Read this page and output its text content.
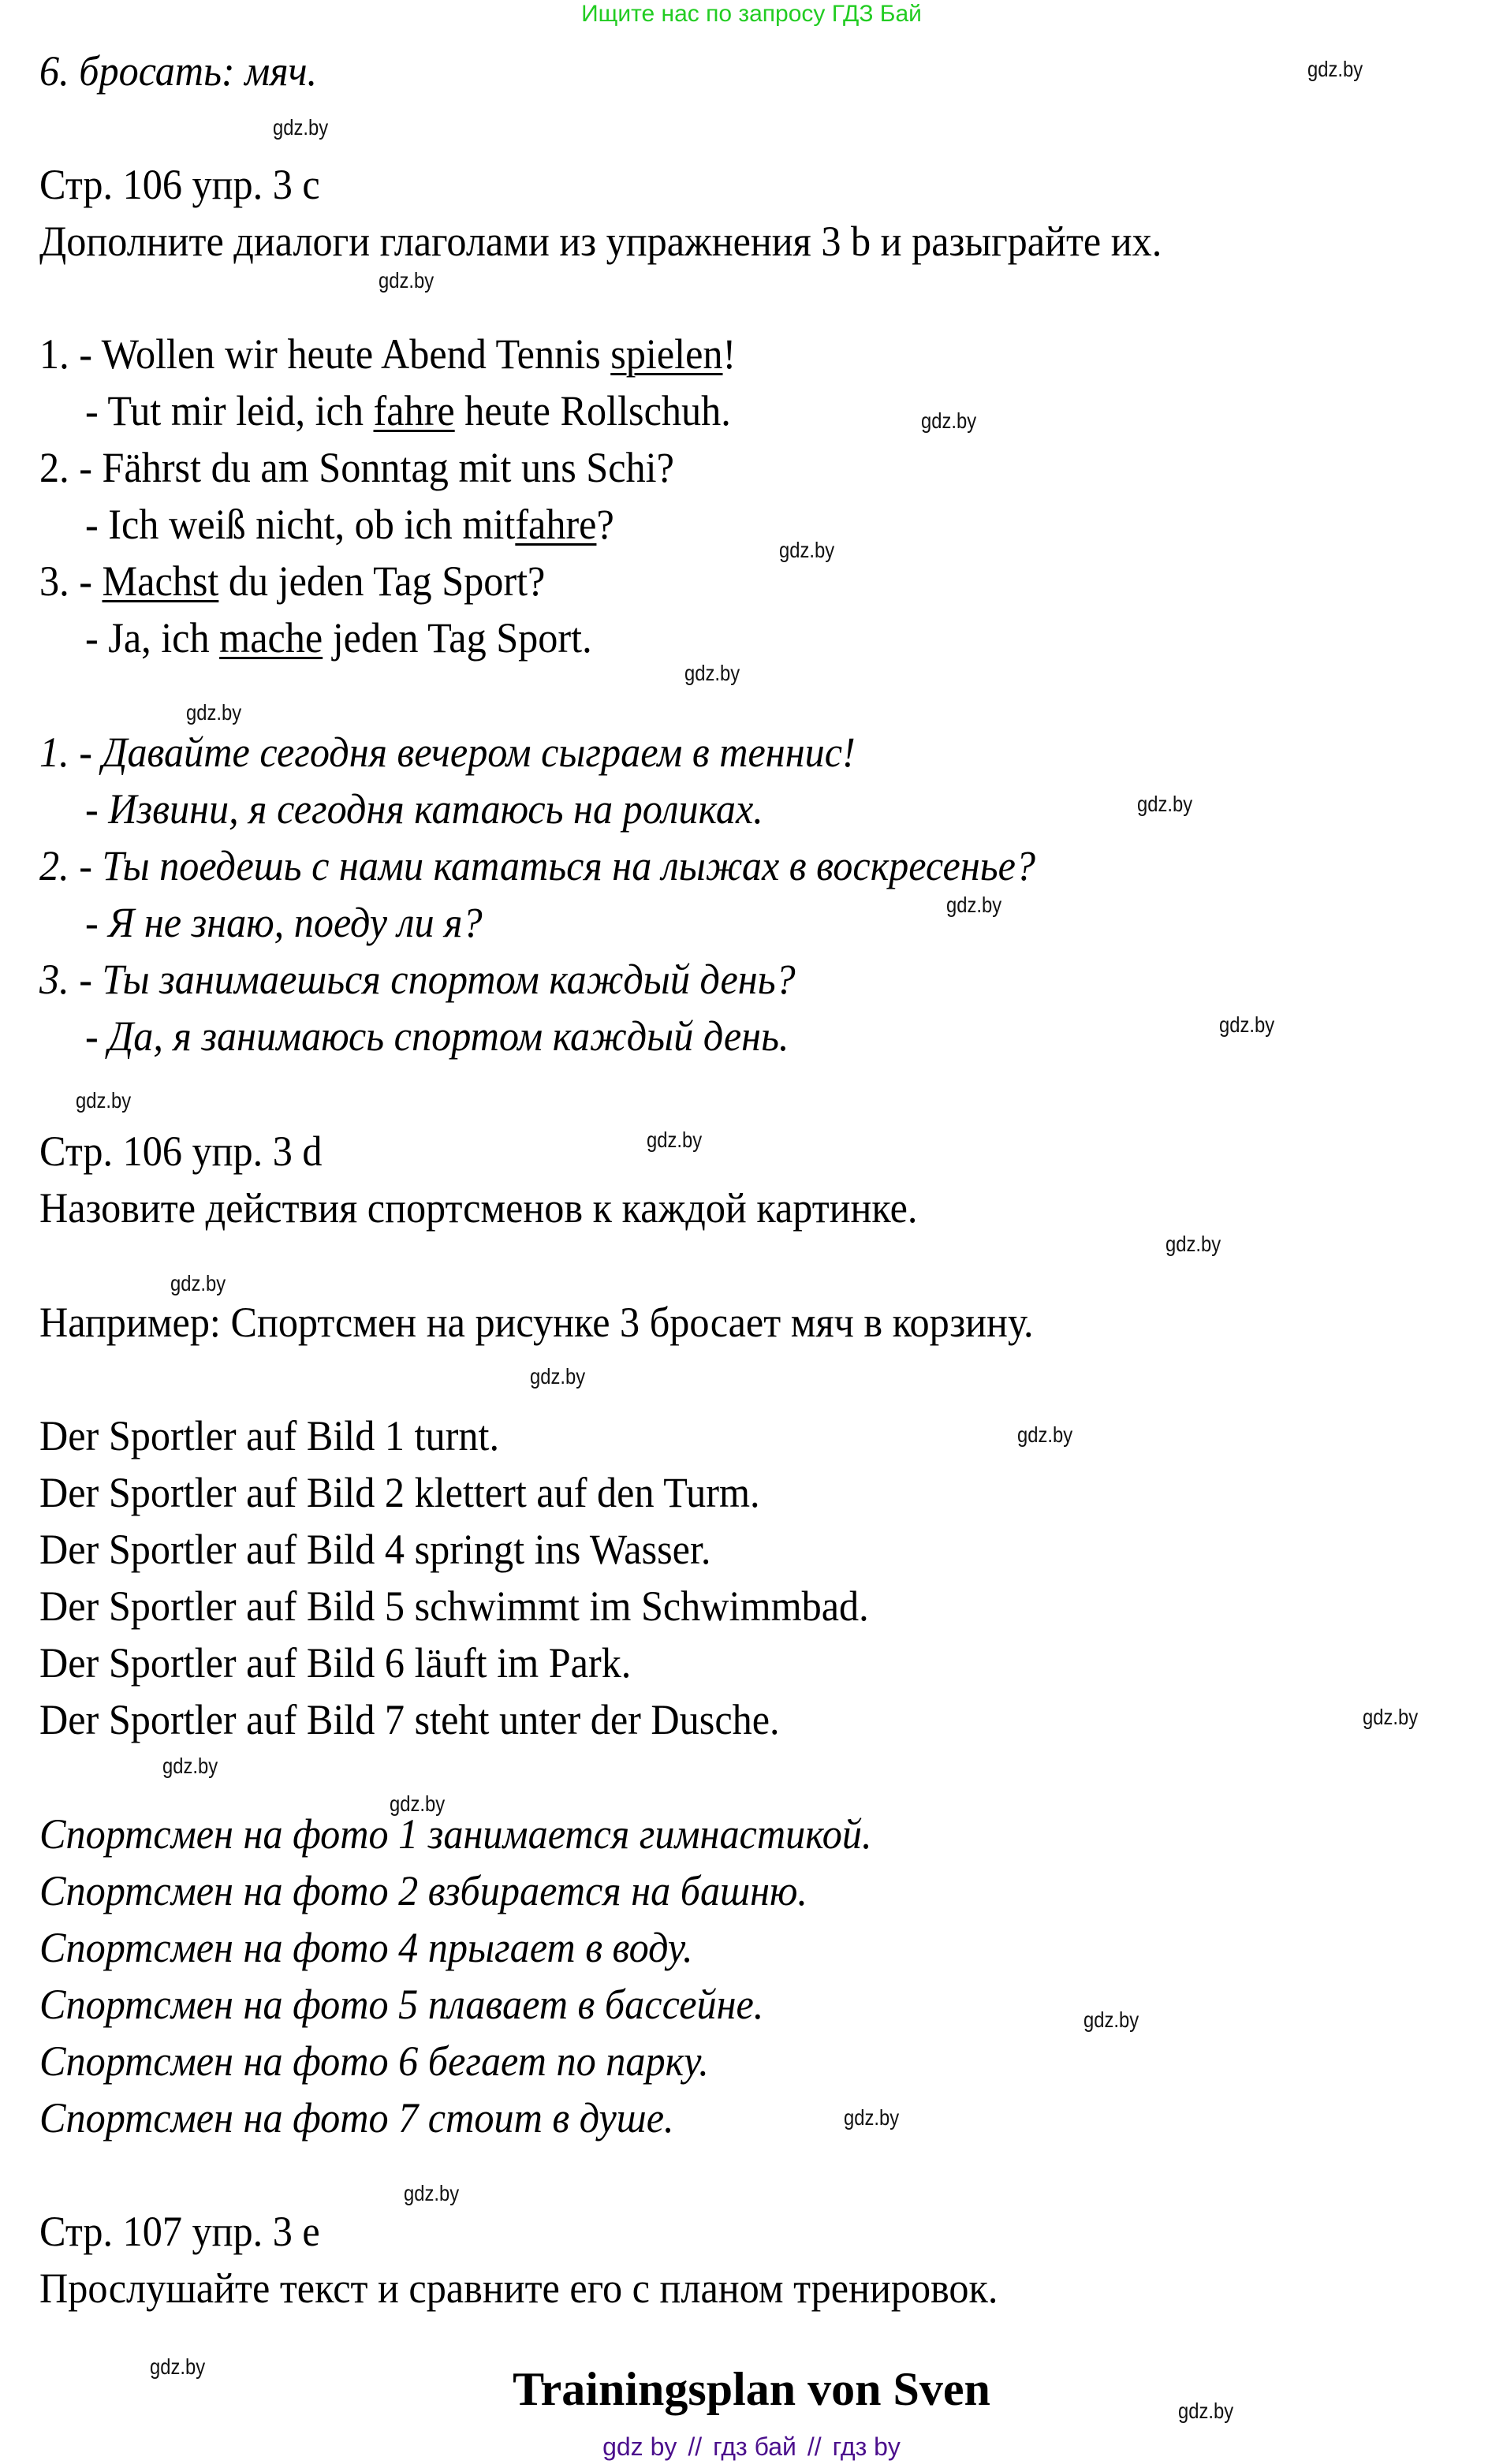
Ищите нас по запросу ГДЗ Бай
6. бросать: мяч.
Стр. 106 упр. 3 c
Дополните диалоги глаголами из упражнения 3 b и разыграйте их.
1. - Wollen wir heute Abend Tennis spielen!
- Tut mir leid, ich fahre heute Rollschuh.
2. - Fährst du am Sonntag mit uns Schi?
- Ich weiß nicht, ob ich mitfahre?
3. - Machst du jeden Tag Sport?
- Ja, ich mache jeden Tag Sport.
1. - Давайте сегодня вечером сыграем в теннис!
- Извини, я сегодня катаюсь на роликах.
2. - Ты поедешь с нами кататься на лыжах в воскресенье?
- Я не знаю, поеду ли я?
3. - Ты занимаешься спортом каждый день?
- Да, я занимаюсь спортом каждый день.
Стр. 106 упр. 3 d
Назовите действия спортсменов к каждой картинке.
Например: Спортсмен на рисунке 3 бросает мяч в корзину.
Der Sportler auf Bild 1 turnt.
Der Sportler auf Bild 2 klettert auf den Turm.
Der Sportler auf Bild 4 springt ins Wasser.
Der Sportler auf Bild 5 schwimmt im Schwimmbad.
Der Sportler auf Bild 6 läuft im Park.
Der Sportler auf Bild 7 steht unter der Dusche.
Спортсмен на фото 1 занимается гимнастикой.
Спортсмен на фото 2 взбирается на башню.
Спортсмен на фото 4 прыгает в воду.
Спортсмен на фото 5 плавает в бассейне.
Спортсмен на фото 6 бегает по парку.
Спортсмен на фото 7 стоит в душе.
Стр. 107 упр. 3 e
Прослушайте текст и сравните его с планом тренировок.
Trainingsplan von Sven
gdz by // гдз бай // гдз by
gdz.by
gdz.by
gdz.by
gdz.by
gdz.by
gdz.by
gdz.by
gdz.by
gdz.by
gdz.by
gdz.by
gdz.by
gdz.by
gdz.by
gdz.by
gdz.by
gdz.by
gdz.by
gdz.by
gdz.by
gdz.by
gdz.by
gdz.by
gdz.by
